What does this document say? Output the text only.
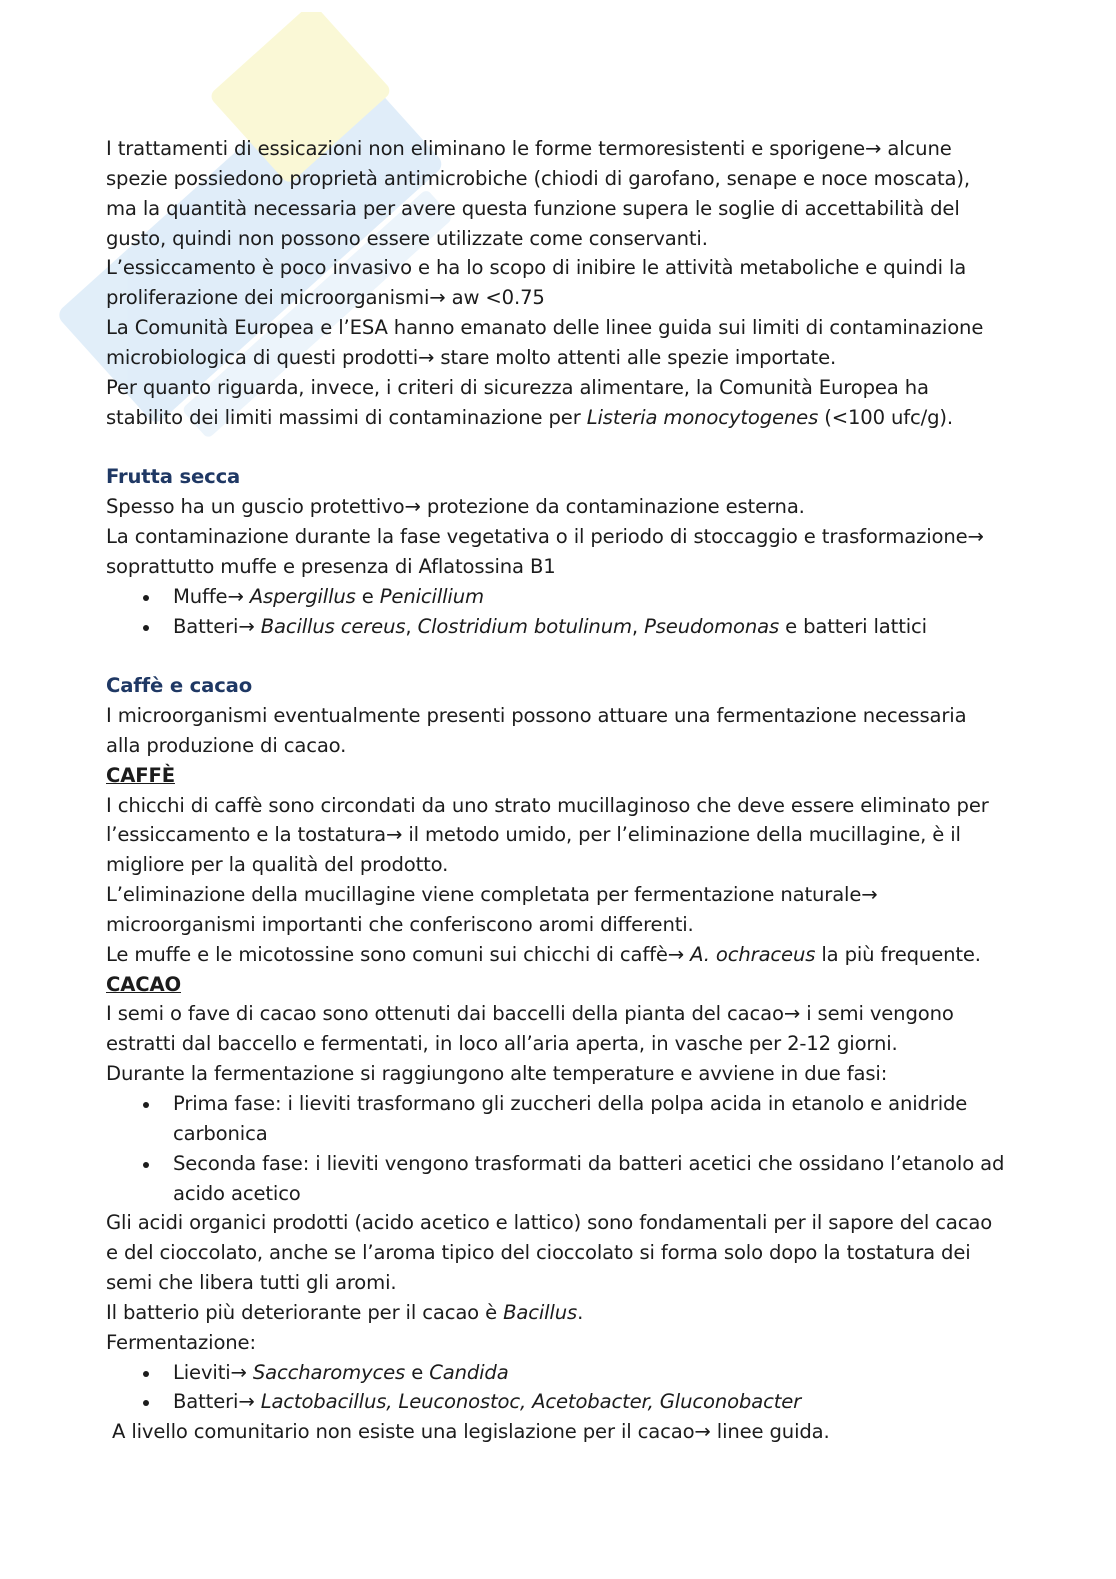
I trattamenti di essicazioni non eliminano le forme termoresistenti e sporigene→ alcune spezie possiedono proprietà antimicrobiche (chiodi di garofano, senape e noce moscata), ma la quantità necessaria per avere questa funzione supera le soglie di accettabilità del gusto, quindi non possono essere utilizzate come conservanti.

L’essiccamento è poco invasivo e ha lo scopo di inibire le attività metaboliche e quindi la proliferazione dei microorganismi→ aw <0.75

La Comunità Europea e l’ESA hanno emanato delle linee guida sui limiti di contaminazione microbiologica di questi prodotti→ stare molto attenti alle spezie importate.

Per quanto riguarda, invece, i criteri di sicurezza alimentare, la Comunità Europea ha stabilito dei limiti massimi di contaminazione per Listeria monocytogenes (<100 ufc/g).

Frutta secca

Spesso ha un guscio protettivo→ protezione da contaminazione esterna.

La contaminazione durante la fase vegetativa o il periodo di stoccaggio e trasformazione→ soprattutto muffe e presenza di Aflatossina B1

Muffe→ Aspergillus e Penicillium
Batteri→ Bacillus cereus, Clostridium botulinum, Pseudomonas e batteri lattici

Caffè e cacao

I microorganismi eventualmente presenti possono attuare una fermentazione necessaria alla produzione di cacao.

CAFFÈ

I chicchi di caffè sono circondati da uno strato mucillaginoso che deve essere eliminato per l’essiccamento e la tostatura→ il metodo umido, per l’eliminazione della mucillagine, è il migliore per la qualità del prodotto.

L’eliminazione della mucillagine viene completata per fermentazione naturale→ microorganismi importanti che conferiscono aromi differenti.

Le muffe e le micotossine sono comuni sui chicchi di caffè→ A. ochraceus la più frequente.

CACAO

I semi o fave di cacao sono ottenuti dai baccelli della pianta del cacao→ i semi vengono estratti dal baccello e fermentati, in loco all’aria aperta, in vasche per 2-12 giorni.

Durante la fermentazione si raggiungono alte temperature e avviene in due fasi:

Prima fase: i lieviti trasformano gli zuccheri della polpa acida in etanolo e anidride carbonica
Seconda fase: i lieviti vengono trasformati da batteri acetici che ossidano l’etanolo ad acido acetico

Gli acidi organici prodotti (acido acetico e lattico) sono fondamentali per il sapore del cacao e del cioccolato, anche se l’aroma tipico del cioccolato si forma solo dopo la tostatura dei semi che libera tutti gli aromi.

Il batterio più deteriorante per il cacao è Bacillus.

Fermentazione:

Lieviti→ Saccharomyces e Candida
Batteri→ Lactobacillus, Leuconostoc, Acetobacter, Gluconobacter

A livello comunitario non esiste una legislazione per il cacao→ linee guida.
